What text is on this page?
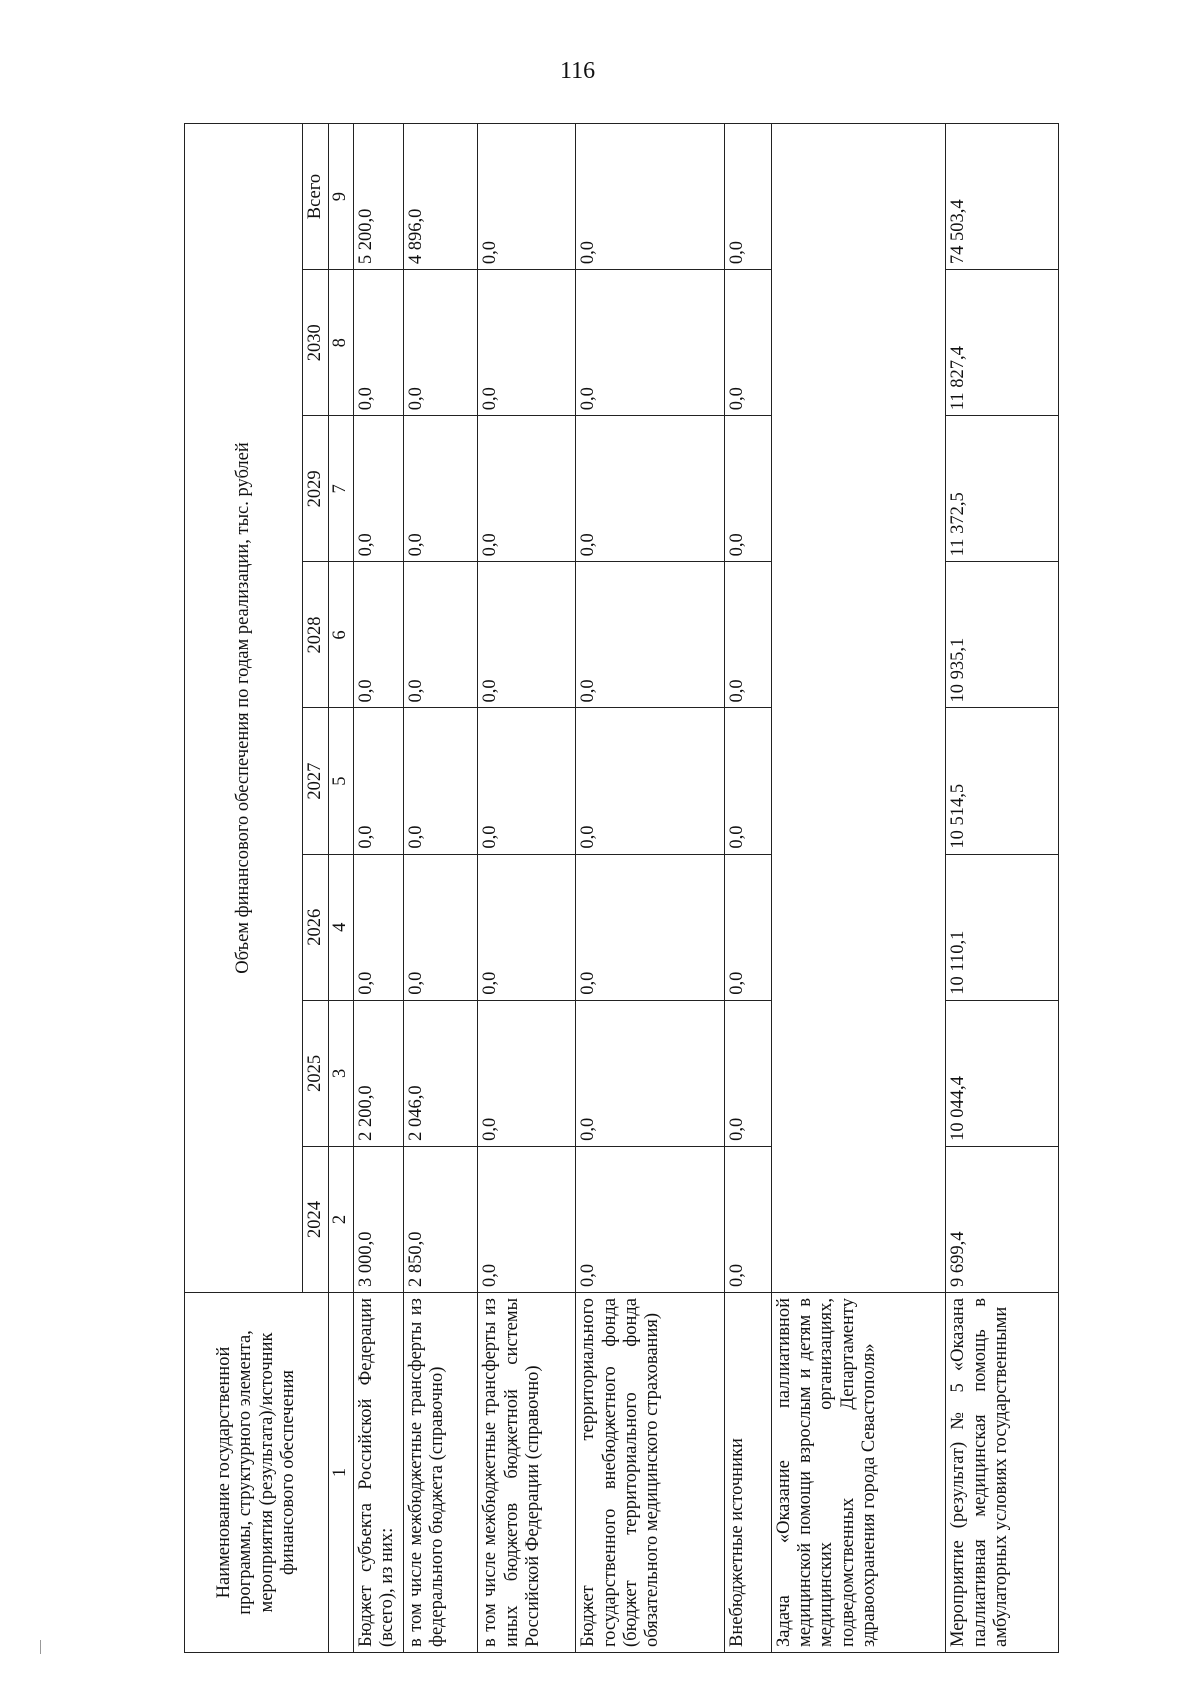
116
Наименование государственной программы, структурного элемента, мероприятия (результата)/источник финансового обеспечения	Объем финансового обеспечения по годам реализации, тыс. рублей							
	2024	2025	2026	2027	2028	2029	2030	Всего
1	2	3	4	5	6	7	8	9
Бюджет субъекта Российской Федерации (всего), из них:	3 000,0	2 200,0	0,0	0,0	0,0	0,0	0,0	5 200,0
в том числе межбюджетные трансферты из федерального бюджета (справочно)	2 850,0	2 046,0	0,0	0,0	0,0	0,0	0,0	4 896,0
в том числе межбюджетные трансферты из иных бюджетов бюджетной системы Российской Федерации (справочно)	0,0	0,0	0,0	0,0	0,0	0,0	0,0	0,0
Бюджет территориального государственного внебюджетного фонда (бюджет территориального фонда обязательного медицинского страхования)	0,0	0,0	0,0	0,0	0,0	0,0	0,0	0,0
Внебюджетные источники	0,0	0,0	0,0	0,0	0,0	0,0	0,0	0,0
Задача «Оказание паллиативной медицинской помощи взрослым и детям в медицинских организациях, подведомственных Департаменту здравоохранения города Севастополя»								
Мероприятие (результат) № 5 «Оказана паллиативная медицинская помощь в амбулаторных условиях государственными	9 699,4	10 044,4	10 110,1	10 514,5	10 935,1	11 372,5	11 827,4	74 503,4
